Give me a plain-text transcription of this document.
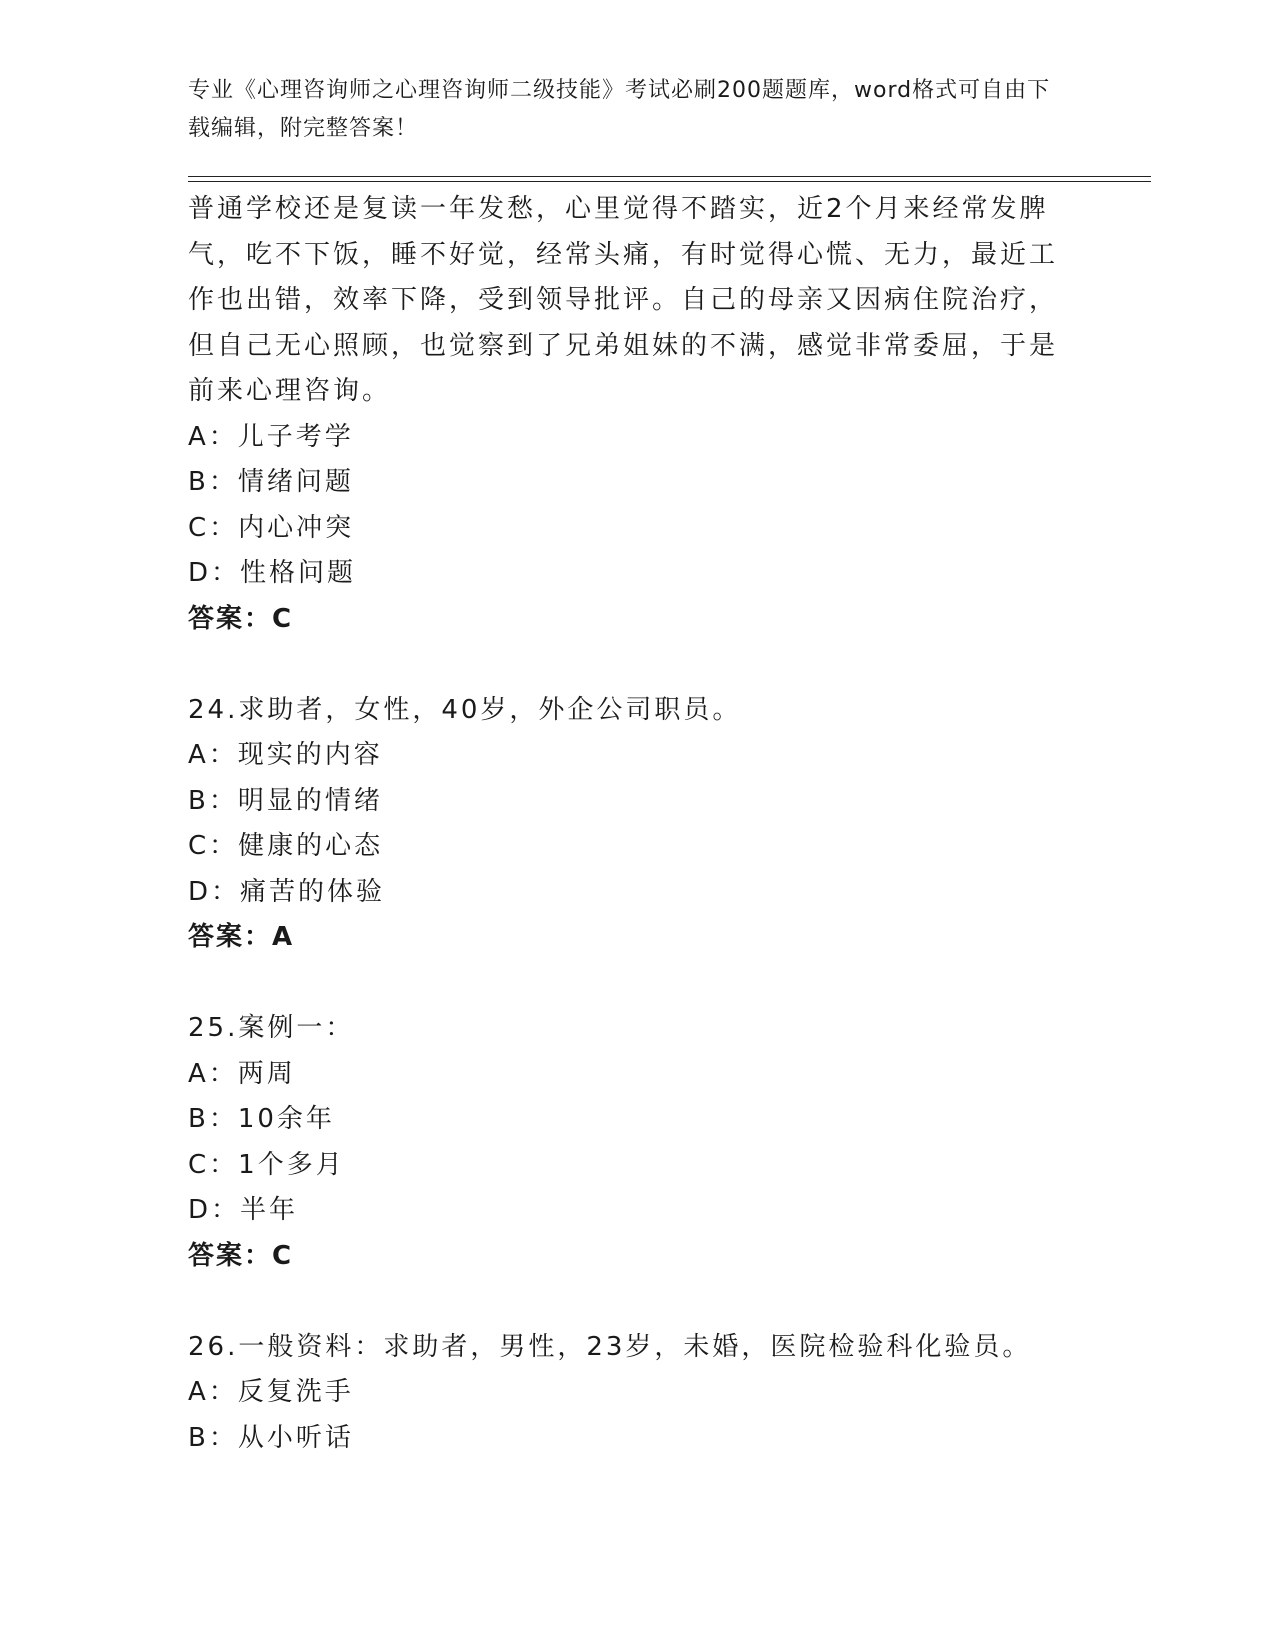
专业《心理咨询师之心理咨询师二级技能》考试必刷200题题库，word格式可自由下载编辑，附完整答案！
普通学校还是复读一年发愁，心里觉得不踏实，近2个月来经常发脾气，吃不下饭，睡不好觉，经常头痛，有时觉得心慌、无力，最近工作也出错，效率下降，受到领导批评。自己的母亲又因病住院治疗，但自己无心照顾，也觉察到了兄弟姐妹的不满，感觉非常委屈，于是前来心理咨询。
A：儿子考学
B：情绪问题
C：内心冲突
D：性格问题
答案：C
24.求助者，女性，40岁，外企公司职员。
A：现实的内容
B：明显的情绪
C：健康的心态
D：痛苦的体验
答案：A
25.案例一：
A：两周
B：10余年
C：1个多月
D：半年
答案：C
26.一般资料：求助者，男性，23岁，未婚，医院检验科化验员。
A：反复洗手
B：从小听话
